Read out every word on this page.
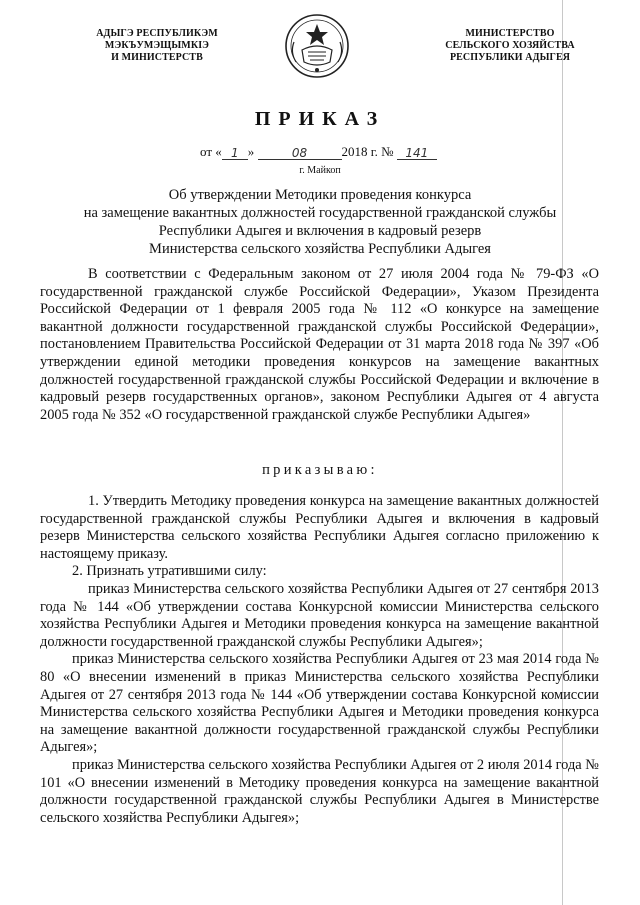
АДЫГЭ РЕСПУБЛИКЭМ
МЭКЪУМЭЩЫМКІЭ
И МИНИСТЕРСТВ
МИНИСТЕРСТВО
СЕЛЬСКОГО ХОЗЯЙСТВА
РЕСПУБЛИКИ АДЫГЕЯ
ПРИКАЗ
от « 1 »	08	2018 г. № 141
г. Майкоп
Об утверждении Методики проведения конкурса
на замещение вакантных должностей государственной гражданской службы
Республики Адыгея и включения в кадровый резерв
Министерства сельского хозяйства Республики Адыгея
В соответствии с Федеральным законом от 27 июля 2004 года № 79-ФЗ «О государственной гражданской службе Российской Федерации», Указом Президента Российской Федерации от 1 февраля 2005 года № 112 «О конкурсе на замещение вакантной должности государственной гражданской службы Российской Федерации», постановлением Правительства Российской Федерации от 31 марта 2018 года № 397 «Об утверждении единой методики проведения конкурсов на замещение вакантных должностей государственной гражданской службы Российской Федерации и включение в кадровый резерв государственных органов», законом Республики Адыгея от 4 августа 2005 года № 352 «О государственной гражданской службе Республики Адыгея»
приказываю:

1. Утвердить Методику проведения конкурса на замещение вакантных должностей государственной гражданской службы Республики Адыгея и включения в кадровый резерв Министерства сельского хозяйства Республики Адыгея согласно приложению к настоящему приказу.

2. Признать утратившими силу:

приказ Министерства сельского хозяйства Республики Адыгея от 27 сентября 2013 года № 144 «Об утверждении состава Конкурсной комиссии Министерства сельского хозяйства Республики Адыгея и Методики проведения конкурса на замещение вакантной должности государственной гражданской службы Республики Адыгея»;

приказ Министерства сельского хозяйства Республики Адыгея от 23 мая 2014 года № 80 «О внесении изменений в приказ Министерства сельского хозяйства Республики Адыгея от 27 сентября 2013 года № 144 «Об утверждении состава Конкурсной комиссии Министерства сельского хозяйства Республики Адыгея и Методики проведения конкурса на замещение вакантной должности государственной гражданской службы Республики Адыгея»;

приказ Министерства сельского хозяйства Республики Адыгея от 2 июля 2014 года № 101 «О внесении изменений в Методику проведения конкурса на замещение вакантной должности государственной гражданской службы Республики Адыгея в Министерстве сельского хозяйства Республики Адыгея»;
